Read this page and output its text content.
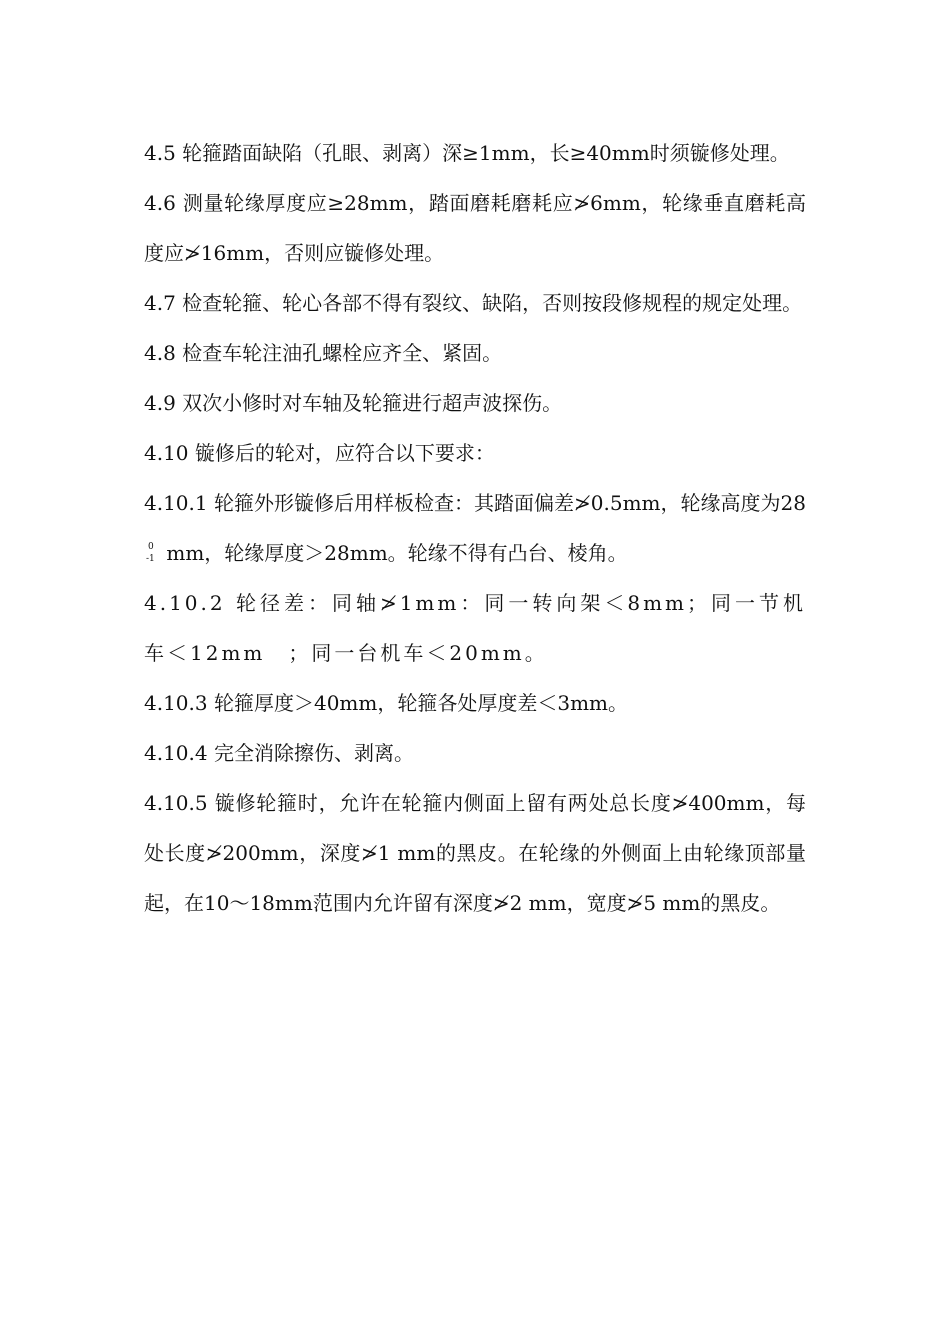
4.5 轮箍踏面缺陷（孔眼、剥离）深≥1mm，长≥40mm时须镟修处理。

4.6 测量轮缘厚度应≥28mm，踏面磨耗磨耗应≯6mm，轮缘垂直磨耗高度应≯16mm，否则应镟修处理。

4.7 检查轮箍、轮心各部不得有裂纹、缺陷，否则按段修规程的规定处理。

4.8 检查车轮注油孔螺栓应齐全、紧固。

4.9 双次小修时对车轴及轮箍进行超声波探伤。

4.10 镟修后的轮对，应符合以下要求：

4.10.1 轮箍外形镟修后用样板检查：其踏面偏差≯0.5mm，轮缘高度为28
0
-1 mm，轮缘厚度＞28mm。轮缘不得有凸台、棱角。

4.10.2 轮径差：同轴≯1mm：同一转向架＜8mm；同一节机车＜12mm　；同一台机车＜20mm。

4.10.3 轮箍厚度＞40mm，轮箍各处厚度差＜3mm。

4.10.4 完全消除擦伤、剥离。

4.10.5 镟修轮箍时，允许在轮箍内侧面上留有两处总长度≯400mm，每处长度≯200mm，深度≯1 mm的黑皮。在轮缘的外侧面上由轮缘顶部量起，在10～18mm范围内允许留有深度≯2 mm，宽度≯5 mm的黑皮。
